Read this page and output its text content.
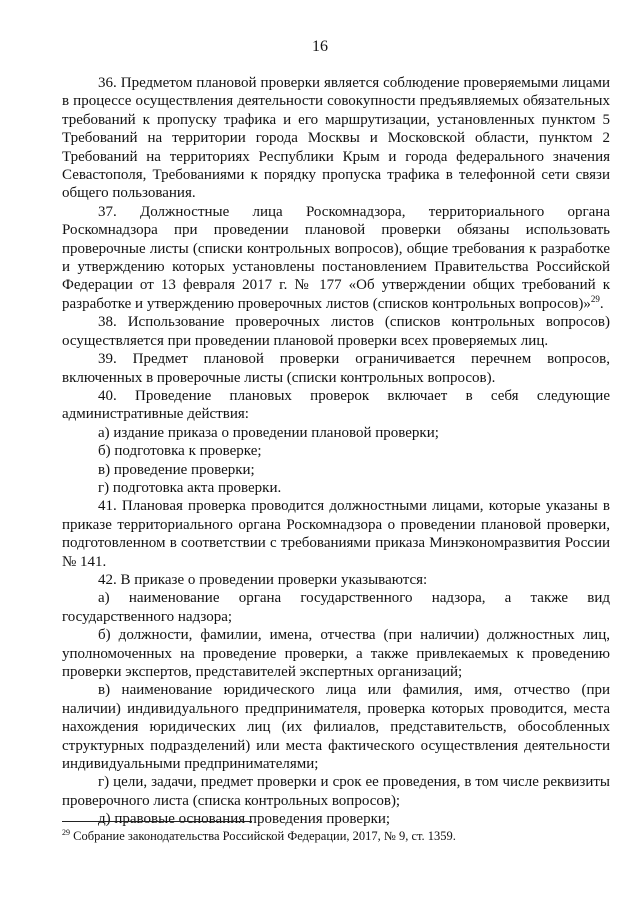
16

36. Предметом плановой проверки является соблюдение проверяемыми лицами в процессе осуществления деятельности совокупности предъявляемых обязательных требований к пропуску трафика и его маршрутизации, установленных пунктом 5 Требований на территории города Москвы и Московской области, пунктом 2 Требований на территориях Республики Крым и города федерального значения Севастополя, Требованиями к порядку пропуска трафика в телефонной сети связи общего пользования.

37. Должностные лица Роскомнадзора, территориального органа Роскомнадзора при проведении плановой проверки обязаны использовать проверочные листы (списки контрольных вопросов), общие требования к разработке и утверждению которых установлены постановлением Правительства Российской Федерации от 13 февраля 2017 г. № 177 «Об утверждении общих требований к разработке и утверждению проверочных листов (списков контрольных вопросов)»$^{29}$.

38. Использование проверочных листов (списков контрольных вопросов) осуществляется при проведении плановой проверки всех проверяемых лиц.

39. Предмет плановой проверки ограничивается перечнем вопросов, включенных в проверочные листы (списки контрольных вопросов).

40. Проведение плановых проверок включает в себя следующие административные действия:

а) издание приказа о проведении плановой проверки;

б) подготовка к проверке;

в) проведение проверки;

г) подготовка акта проверки.

41. Плановая проверка проводится должностными лицами, которые указаны в приказе территориального органа Роскомнадзора о проведении плановой проверки, подготовленном в соответствии с требованиями приказа Минэкономразвития России № 141.

42. В приказе о проведении проверки указываются:

а) наименование органа государственного надзора, а также вид государственного надзора;

б) должности, фамилии, имена, отчества (при наличии) должностных лиц, уполномоченных на проведение проверки, а также привлекаемых к проведению проверки экспертов, представителей экспертных организаций;

в) наименование юридического лица или фамилия, имя, отчество (при наличии) индивидуального предпринимателя, проверка которых проводится, места нахождения юридических лиц (их филиалов, представительств, обособленных структурных подразделений) или места фактического осуществления деятельности индивидуальными предпринимателями;

г) цели, задачи, предмет проверки и срок ее проведения, в том числе реквизиты проверочного листа (списка контрольных вопросов);

д) правовые основания проведения проверки;

$^{29}$ Собрание законодательства Российской Федерации, 2017, № 9, ст. 1359.
